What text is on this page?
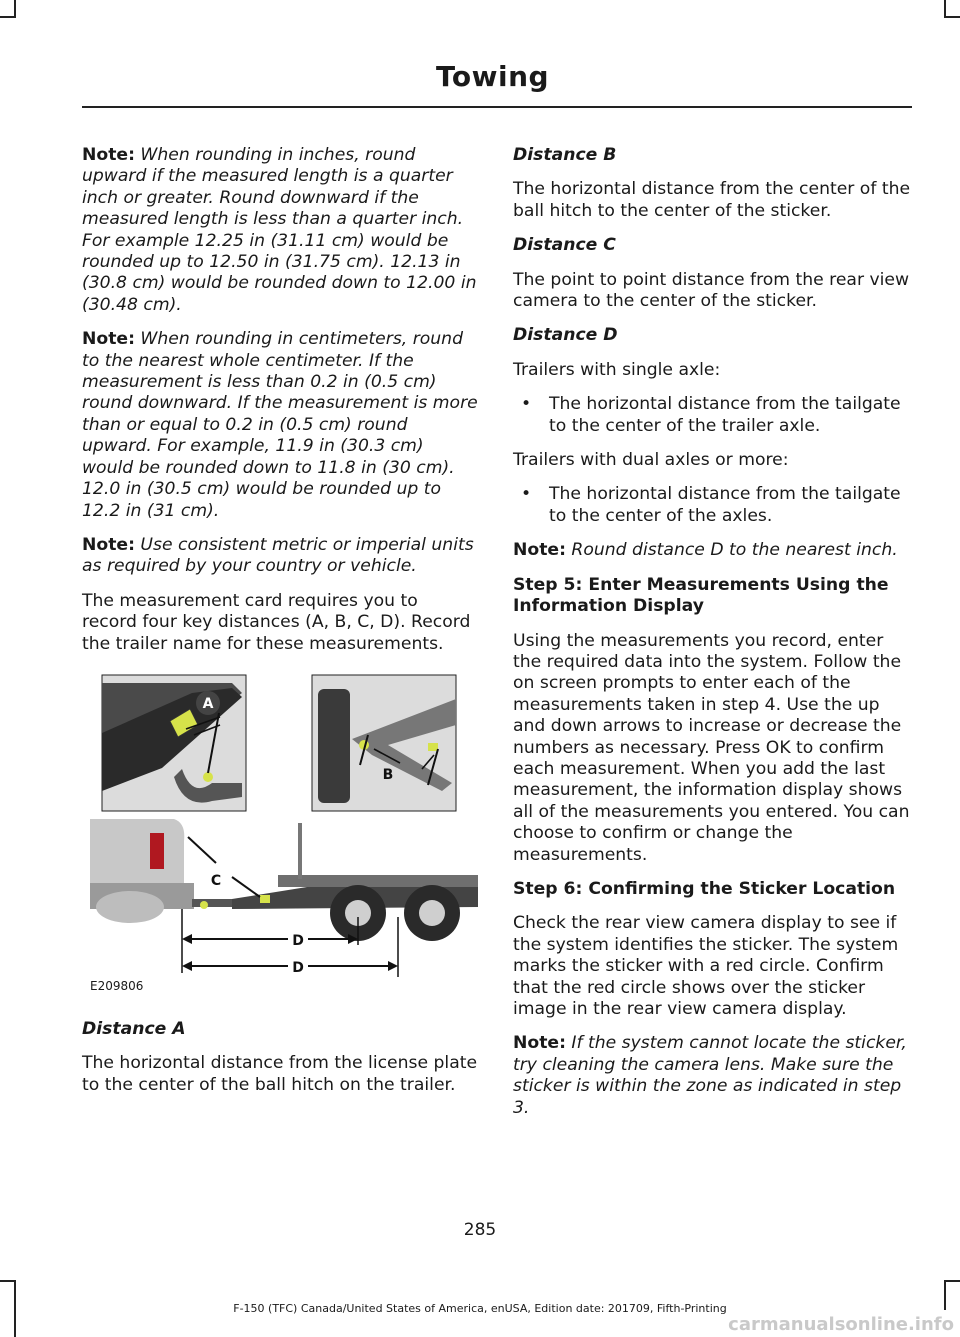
Towing

Note: When rounding in inches, round upward if the measured length is a quarter inch or greater. Round downward if the measured length is less than a quarter inch. For example 12.25 in (31.11 cm) would be rounded up to 12.50 in (31.75 cm). 12.13 in (30.8 cm) would be rounded down to 12.00 in (30.48 cm).

Note: When rounding in centimeters, round to the nearest whole centimeter. If the measurement is less than 0.2 in (0.5 cm) round downward. If the measurement is more than or equal to 0.2 in (0.5 cm) round upward. For example, 11.9 in (30.3 cm) would be rounded down to 11.8 in (30 cm). 12.0 in (30.5 cm) would be rounded up to 12.2 in (31 cm).

Note: Use consistent metric or imperial units as required by your country or vehicle.

The measurement card requires you to record four key distances (A, B, C, D). Record the trailer name for these measurements.

A
B
C
D
D
E209806

Distance A

The horizontal distance from the license plate to the center of the ball hitch on the trailer.

Distance B

The horizontal distance from the center of the ball hitch to the center of the sticker.

Distance C

The point to point distance from the rear view camera to the center of the sticker.

Distance D

Trailers with single axle:

• The horizontal distance from the tailgate to the center of the trailer axle.

Trailers with dual axles or more:

• The horizontal distance from the tailgate to the center of the axles.

Note: Round distance D to the nearest inch.

Step 5: Enter Measurements Using the Information Display

Using the measurements you record, enter the required data into the system. Follow the on screen prompts to enter each of the measurements taken in step 4. Use the up and down arrows to increase or decrease the numbers as necessary. Press OK to confirm each measurement. When you add the last measurement, the information display shows all of the measurements you entered. You can choose to confirm or change the measurements.

Step 6: Confirming the Sticker Location

Check the rear view camera display to see if the system identifies the sticker. The system marks the sticker with a red circle. Confirm that the red circle shows over the sticker image in the rear view camera display.

Note: If the system cannot locate the sticker, try cleaning the camera lens. Make sure the sticker is within the zone as indicated in step 3.

285
F-150 (TFC) Canada/United States of America, enUSA, Edition date: 201709, Fifth-Printing
carmanualsonline.info
